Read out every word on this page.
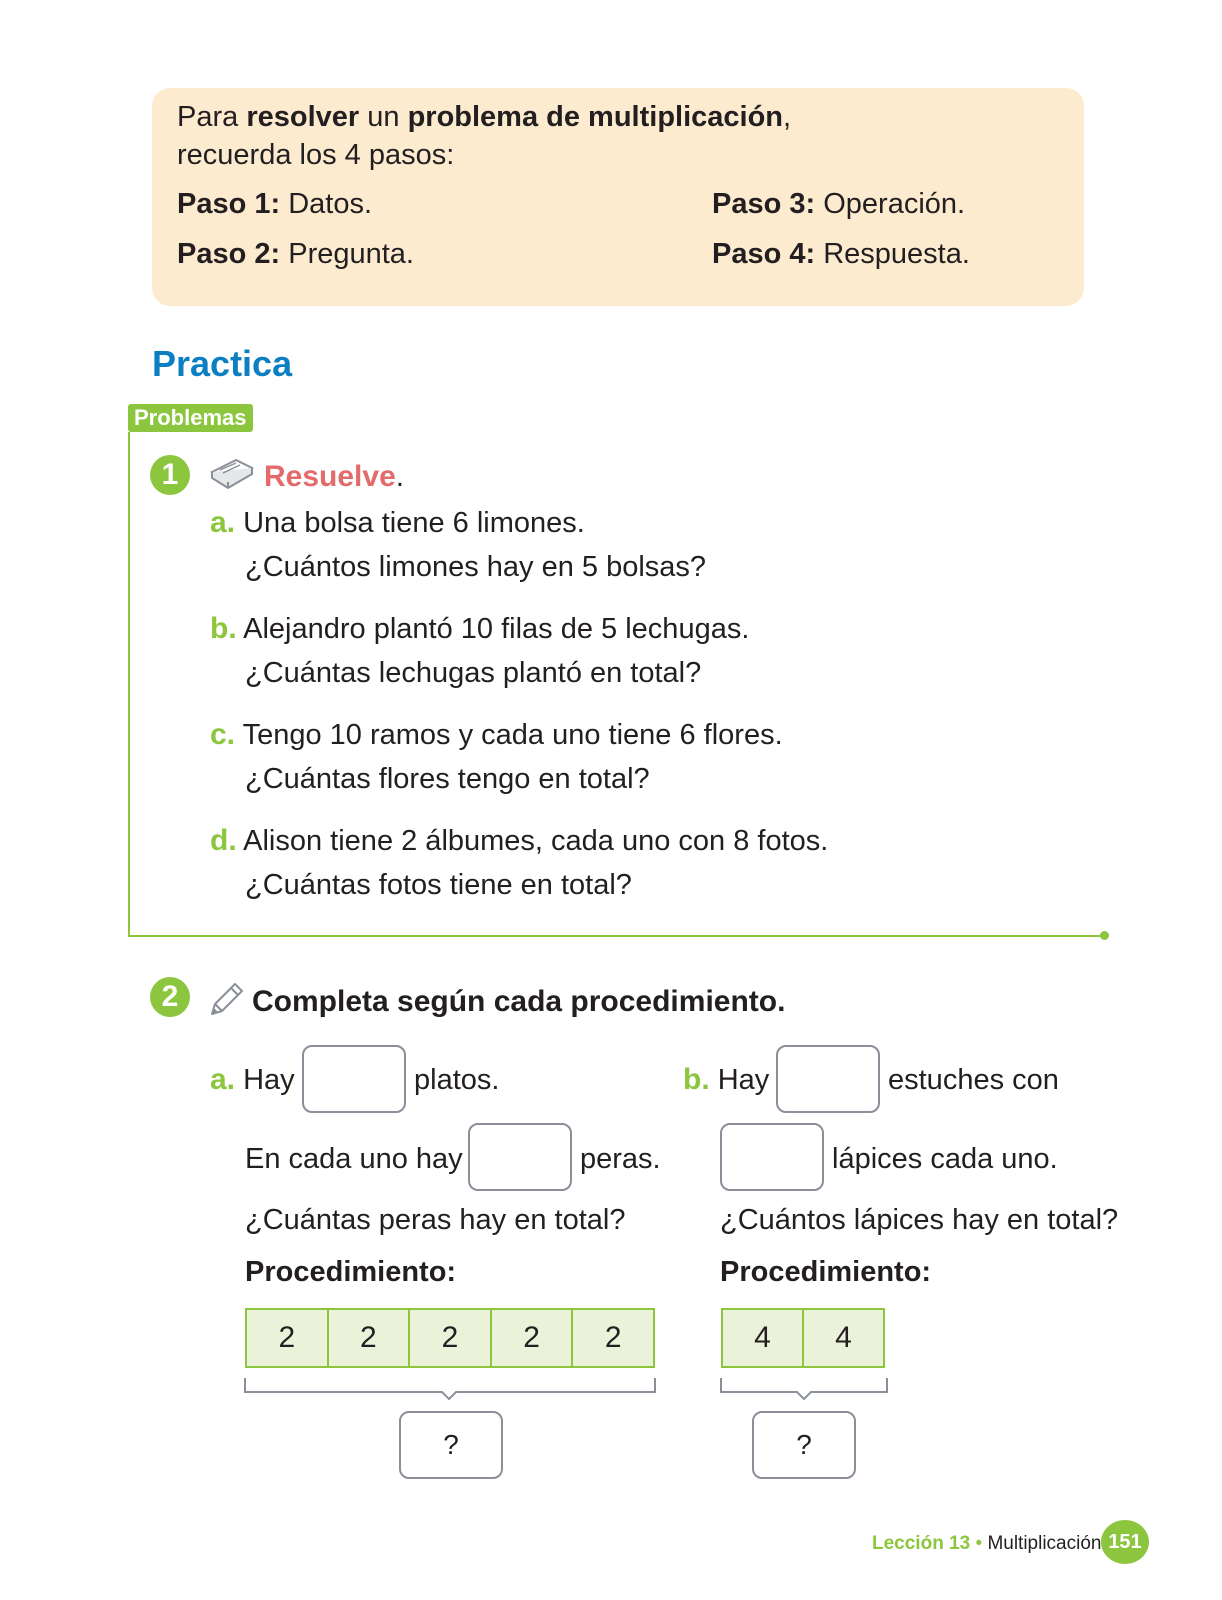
Para resolver un problema de multiplicación,
recuerda los 4 pasos:
Paso 1: Datos.
Paso 2: Pregunta.
Paso 3: Operación.
Paso 4: Respuesta.
Practica
Problemas
1	Resuelve.
a. Una bolsa tiene 6 limones.
¿Cuántos limones hay en 5 bolsas?
b. Alejandro plantó 10 filas de 5 lechugas.
¿Cuántas lechugas plantó en total?
c. Tengo 10 ramos y cada uno tiene 6 flores.
¿Cuántas flores tengo en total?
d. Alison tiene 2 álbumes, cada uno con 8 fotos.
¿Cuántas fotos tiene en total?
2	Completa según cada procedimiento.
a. Hay	platos.
En cada uno hay	peras.
¿Cuántas peras hay en total?
Procedimiento:
2	2	2	2	2
?
b. Hay	estuches con
lápices cada uno.
¿Cuántos lápices hay en total?
Procedimiento:
4	4
?
Lección 13 • Multiplicación 151
